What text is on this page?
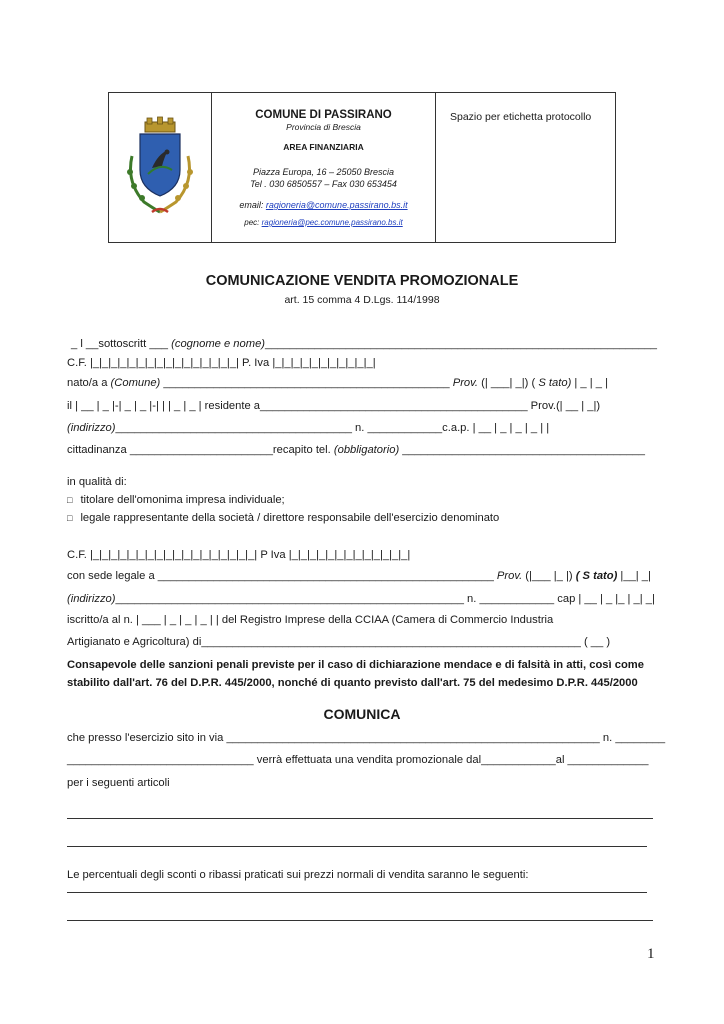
COMUNE DI PASSIRANO
Provincia di Brescia
AREA FINANZIARIA
Piazza Europa, 16 – 25050 Brescia
Tel . 030 6850557 – Fax 030 653454
email: ragioneria@comune.passirano.bs.it
pec: ragioneria@pec.comune.passirano.bs.it
Spazio per etichetta protocollo
COMUNICAZIONE VENDITA PROMOZIONALE
art. 15 comma 4 D.Lgs. 114/1998
_ l __sottoscritt ___ (cognome e nome)_______________________________________________________________
C.F. |_|_|_|_|_|_|_|_|_|_|_|_|_|_|_|_| P. Iva |_|_|_|_|_|_|_|_|_|_|_|
nato/a a (Comune) ______________________________________________ Prov. (| ___| _|) ( S tato) | _ | _ |
il | __ | _ |-| _ | _ |-| | | _ | _ | residente a___________________________________________ Prov.(| __ | _|)
(indirizzo)______________________________________ n. ____________c.a.p. | __ | _ | _ | _ | |
cittadinanza _______________________recapito tel. (obbligatorio) _______________________________________
in qualità di:
□ titolare dell'omonima impresa individuale;
□ legale rappresentante della società / direttore responsabile dell'esercizio denominato
C.F. |_|_|_|_|_|_|_|_|_|_|_|_|_|_|_|_|_|_| P Iva |_|_|_|_|_|_|_|_|_|_|_|_|_|
con sede legale a ______________________________________________________ Prov. (|___ |_ |) ( S tato) |__| _|
(indirizzo)________________________________________________________ n. ____________ cap | __ | _ |_ | _| _|
iscritto/a al n. | ___ | _ | _ | _ | | del Registro Imprese della CCIAA (Camera di Commercio Industria
Artigianato e Agricoltura) di_____________________________________________________________ ( __ )
Consapevole delle sanzioni penali previste per il caso di dichiarazione mendace e di falsità in atti, così come stabilito dall'art. 76 del D.P.R. 445/2000, nonché di quanto previsto dall'art. 75 del medesimo D.P.R. 445/2000
COMUNICA
che presso l'esercizio sito in via ____________________________________________________________ n. ________
______________________________ verrà effettuata una vendita promozionale dal____________al _____________
per i seguenti articoli
Le percentuali degli sconti o ribassi praticati sui prezzi normali di vendita saranno le seguenti:
1
